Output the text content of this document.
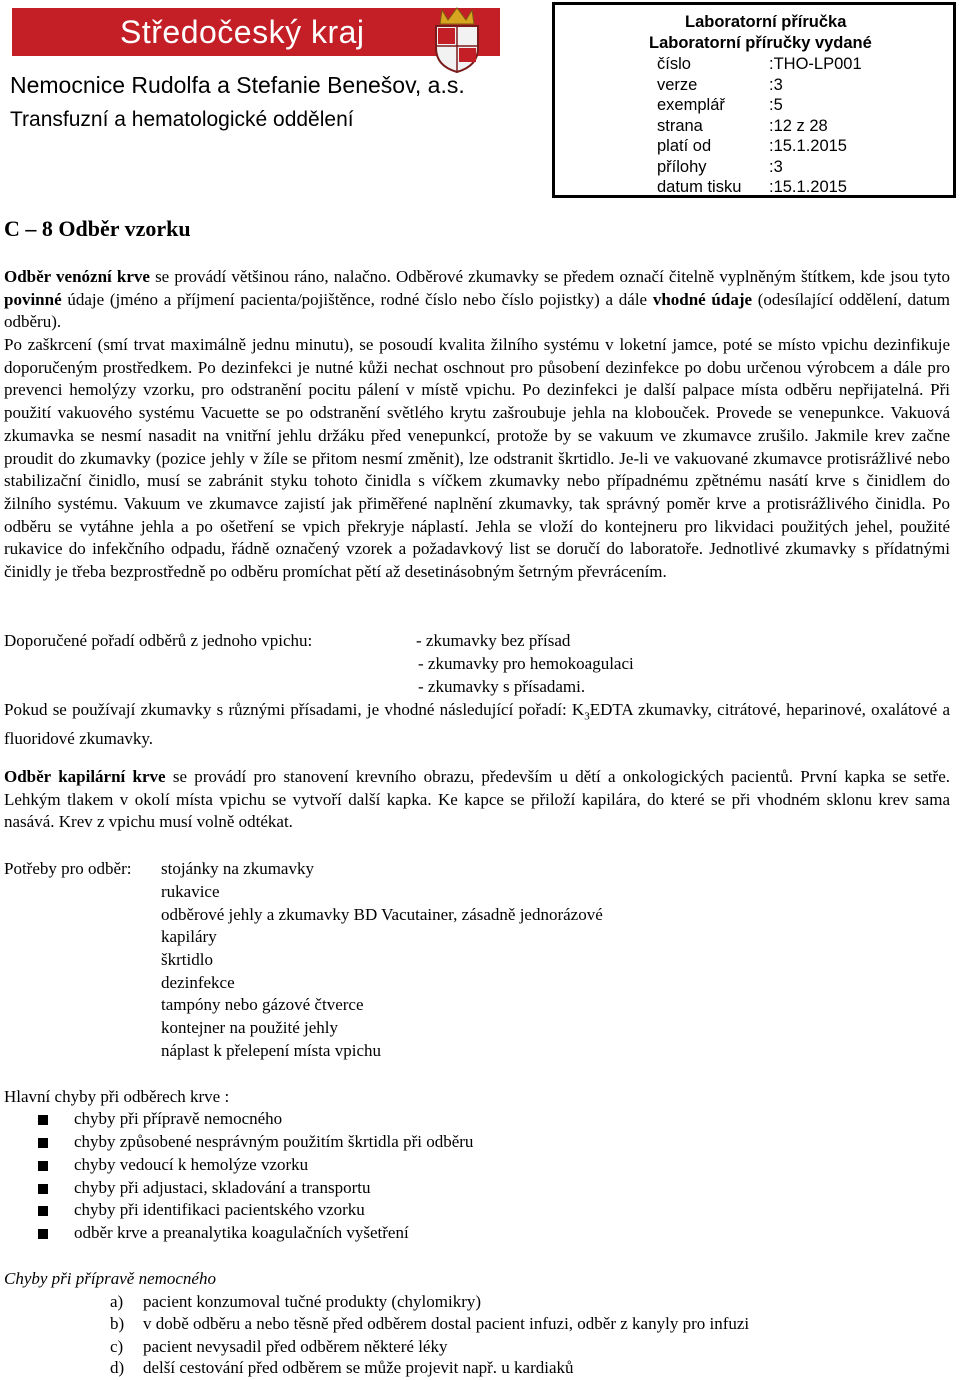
Středočeský kraj
Nemocnice Rudolfa a Stefanie Benešov, a.s.
Transfuzní a hematologické oddělení
Laboratorní příručka
Laboratorní příručky vydané
číslo	:THO-LP001
verze	:3
exemplář	:5
strana	:12 z 28
platí od	:15.1.2015
přílohy	:3
datum tisku :15.1.2015
C – 8 Odběr vzorku

Odběr venózní krve se provádí většinou ráno, nalačno. Odběrové zkumavky se předem označí čitelně vyplněným štítkem, kde jsou tyto povinné údaje (jméno a příjmení pacienta/pojištěnce, rodné číslo nebo číslo pojistky) a dále vhodné údaje (odesílající oddělení, datum odběru).

Po zaškrcení (smí trvat maximálně jednu minutu), se posoudí kvalita žilního systému v loketní jamce, poté se místo vpichu dezinfikuje doporučeným prostředkem. Po dezinfekci je nutné kůži nechat oschnout pro působení dezinfekce po dobu určenou výrobcem a dále pro prevenci hemolýzy vzorku, pro odstranění pocitu pálení v místě vpichu. Po dezinfekci je další palpace místa odběru nepřijatelná. Při použití vakuového systému Vacuette se po odstranění světlého krytu zašroubuje jehla na klobouček. Provede se venepunkce. Vakuová zkumavka se nesmí nasadit na vnitřní jehlu držáku před venepunkcí, protože by se vakuum ve zkumavce zrušilo. Jakmile krev začne proudit do zkumavky (pozice jehly v žíle se přitom nesmí změnit), lze odstranit škrtidlo. Je-li ve vakuované zkumavce protisrážlivé nebo stabilizační činidlo, musí se zabránit styku tohoto činidla s víčkem zkumavky nebo případnému zpětnému nasátí krve s činidlem do žilního systému. Vakuum ve zkumavce zajistí jak přiměřené naplnění zkumavky, tak správný poměr krve a protisrážlivého činidla. Po odběru se vytáhne jehla a po ošetření se vpich překryje náplastí. Jehla se vloží do kontejneru pro likvidaci použitých jehel, použité rukavice do infekčního odpadu, řádně označený vzorek a požadavkový list se doručí do laboratoře. Jednotlivé zkumavky s přídatnými činidly je třeba bezprostředně po odběru promíchat pětí až desetinásobným šetrným převrácením.

Doporučené pořadí odběrů z jednoho vpichu:	- zkumavky bez přísad
- zkumavky pro hemokoagulaci
- zkumavky s přísadami.

Pokud se používají zkumavky s různými přísadami, je vhodné následující pořadí: $K_3EDTA$ zkumavky, citrátové, heparinové, oxalátové a fluoridové zkumavky.

Odběr kapilární krve se provádí pro stanovení krevního obrazu, především u dětí a onkologických pacientů. První kapka se setře. Lehkým tlakem v okolí místa vpichu se vytvoří další kapka. Ke kapce se přiloží kapilára, do které se při vhodném sklonu krev sama nasává. Krev z vpichu musí volně odtékat.

Potřeby pro odběr: stojánky na zkumavky
rukavice
odběrové jehly a zkumavky BD Vacutainer, zásadně jednorázové
kapiláry
škrtidlo
dezinfekce
tampóny nebo gázové čtverce
kontejner na použité jehly
náplast k přelepení místa vpichu
Hlavní chyby při odběrech krve :
chyby při přípravě nemocného
chyby způsobené nesprávným použitím škrtidla při odběru
chyby vedoucí k hemolýze vzorku
chyby při adjustaci, skladování a transportu
chyby při identifikaci pacientského vzorku
odběr krve a preanalytika koagulačních vyšetření
Chyby při přípravě nemocného
a) pacient konzumoval tučné produkty (chylomikry)
b) v době odběru a nebo těsně před odběrem dostal pacient infuzi, odběr z kanyly pro infuzi
c) pacient nevysadil před odběrem některé léky
d) delší cestování před odběrem se může projevit např. u kardiaků
